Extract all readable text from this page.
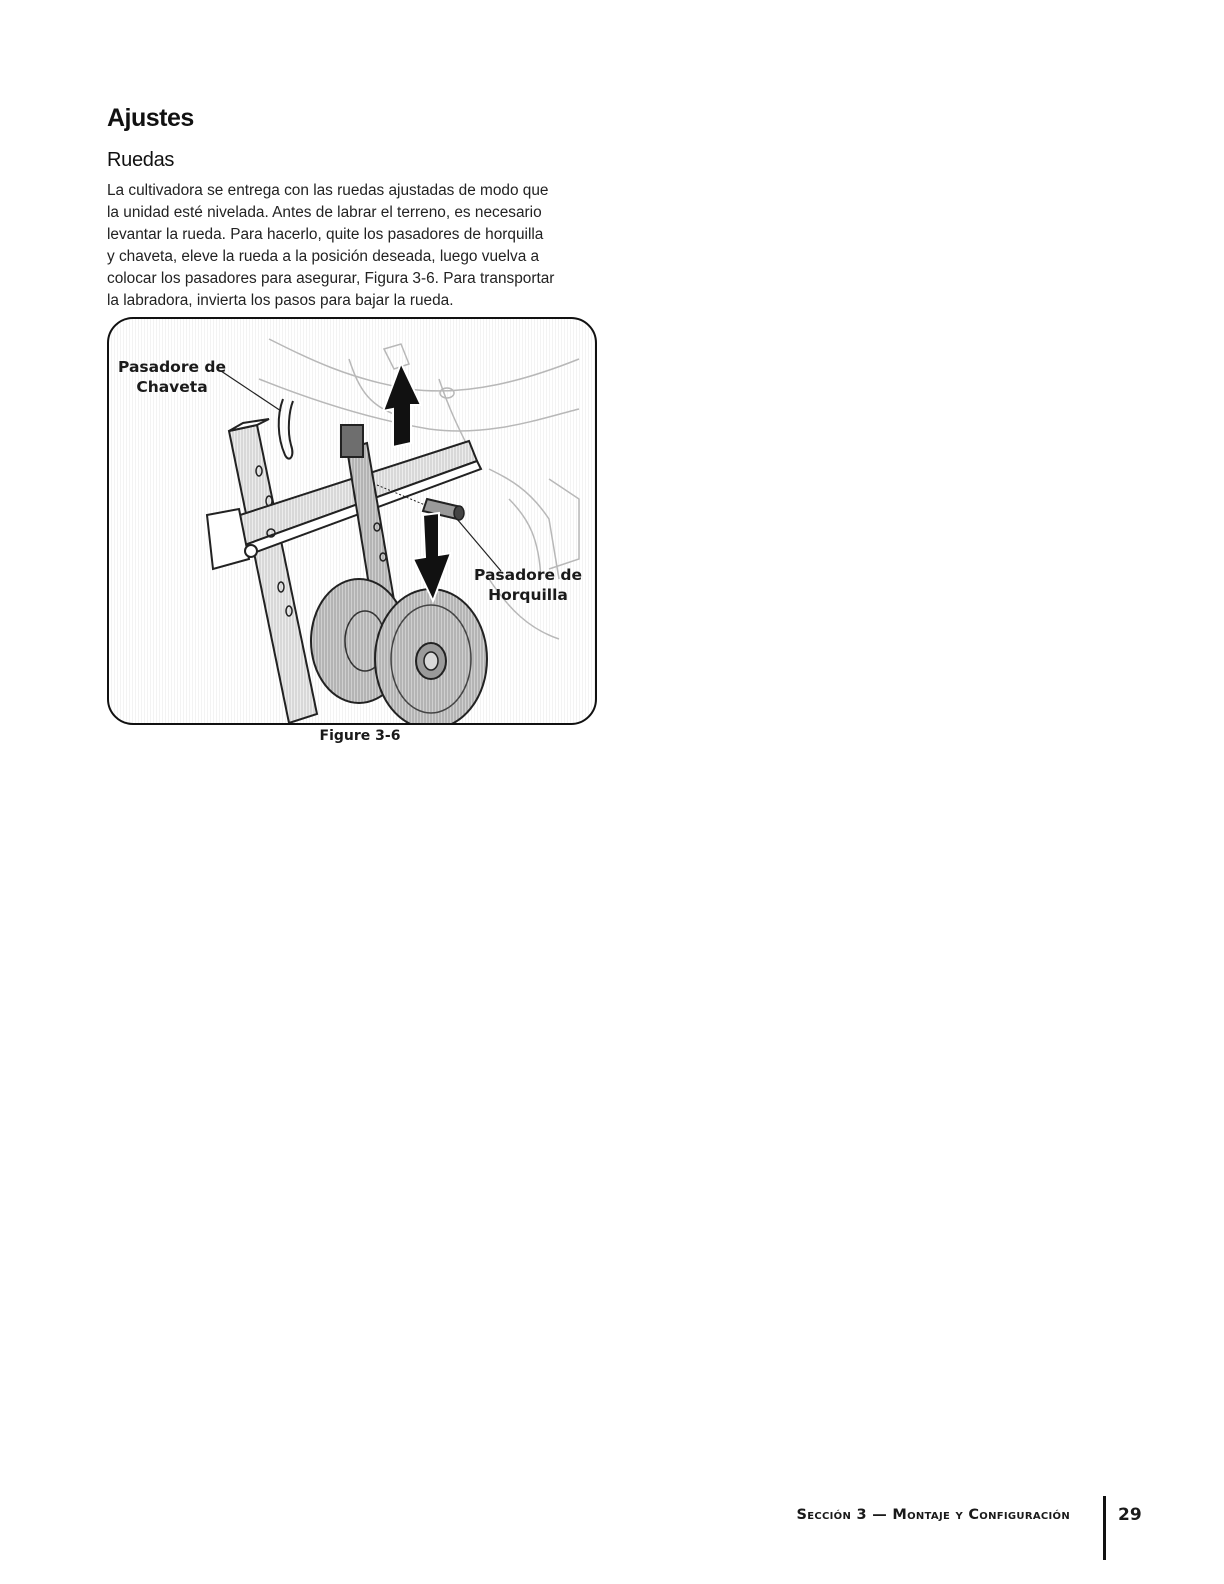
Ajustes
Ruedas
La cultivadora se entrega con las ruedas ajustadas de modo que
la unidad esté nivelada. Antes de labrar el terreno, es necesario
levantar la rueda. Para hacerlo, quite los pasadores de horquilla
y chaveta, eleve la rueda a la posición deseada, luego vuelva a
colocar los pasadores para asegurar, Figura 3-6. Para transportar
la labradora, invierta los pasos para bajar la rueda.
Pasadore de
Chaveta
Pasadore de
Horquilla
Figure 3-6
Sección 3 — Montaje y Configuración	29
